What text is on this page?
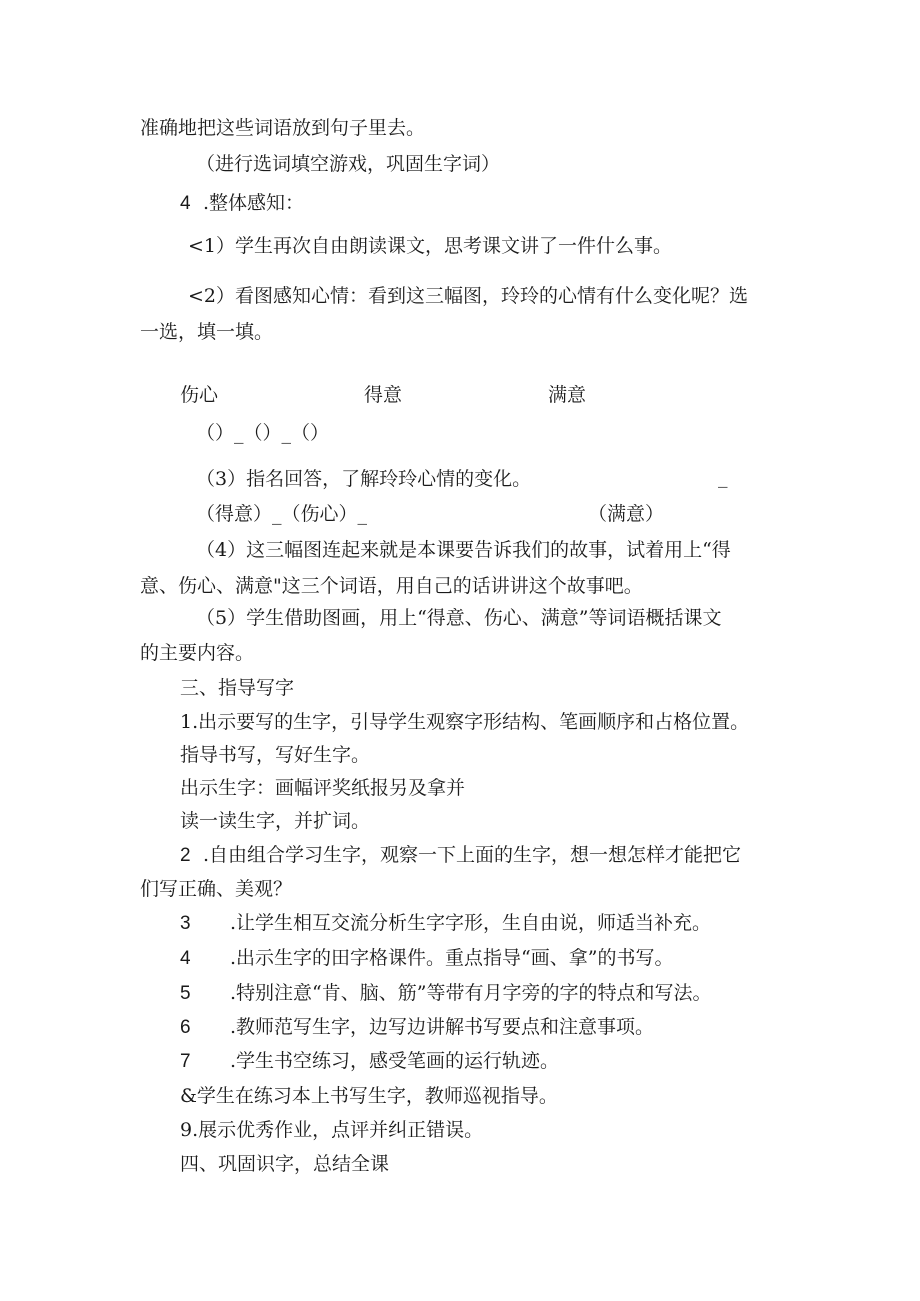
准确地把这些词语放到句子里去。

（进行选词填空游戏，巩固生字词）

4 .整体感知：

<1）学生再次自由朗读课文，思考课文讲了一件什么事。

<2）看图感知心情：看到这三幅图，玲玲的心情有什么变化呢？选

一选，填一填。

伤心	得意	满意

（）_（）_（）

（3）指名回答，了解玲玲心情的变化。	_

（得意）_（伤心）_	（满意）

（4）这三幅图连起来就是本课要告诉我们的故事，试着用上“得

意、伤心、满意"这三个词语，用自己的话讲讲这个故事吧。

（5）学生借助图画，用上“得意、伤心、满意”等词语概括课文

的主要内容。

三、指导写字

1.出示要写的生字，引导学生观察字形结构、笔画顺序和占格位置。

指导书写，写好生字。

出示生字：画幅评奖纸报另及拿并

读一读生字，并扩词。

2 .自由组合学习生字，观察一下上面的生字，想一想怎样才能把它

们写正确、美观？

3 .让学生相互交流分析生字字形，生自由说，师适当补充。

4 .出示生字的田字格课件。重点指导“画、拿”的书写。

5 .特别注意“肯、脑、筋”等带有月字旁的字的特点和写法。

6 .教师范写生字，边写边讲解书写要点和注意事项。

7 .学生书空练习，感受笔画的运行轨迹。

&学生在练习本上书写生字，教师巡视指导。

9.展示优秀作业，点评并纠正错误。

四、巩固识字，总结全课
